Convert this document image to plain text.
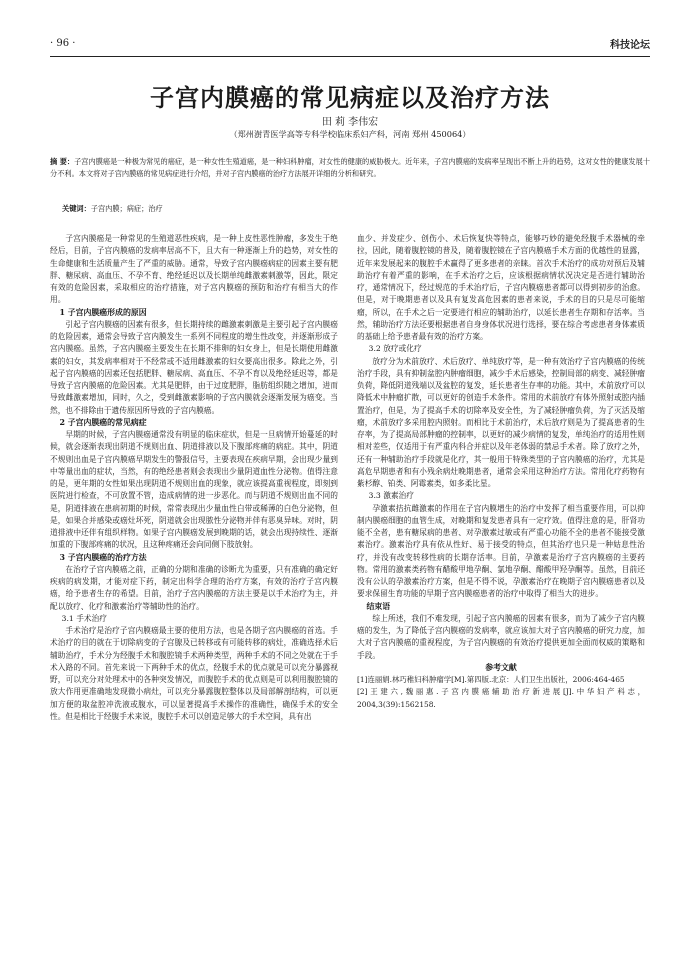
· 96 ·	科技论坛
子宫内膜癌的常见病症以及治疗方法
田 莉 李伟宏
（郑州澍青医学高等专科学校临床系妇产科，河南 郑州 450064）
摘 要：子宫内膜癌是一种极为常见的癌症，是一种女性生殖道癌，是一种妇科肿瘤，对女性的健康的威胁极大。近年来，子宫内膜癌的发病率呈现出不断上升的趋势，这对女性的健康发展十分不利。本文将对子宫内膜癌的常见病症进行介绍，并对子宫内膜癌的治疗方法展开详细的分析和研究。
关键词：子宫内膜；病症；治疗

子宫内膜癌是一种常见的生殖道恶性疾病，是一种上皮性恶性肿瘤，多发生于绝经后，目前，子宫内膜癌的发病率居高不下，且大有一种逐渐上升的趋势，对女性的生命健康和生活质量产生了严重的威胁。通常，导致子宫内膜癌病症的因素主要有肥胖、糖尿病、高血压、不孕不育、绝经延迟以及长期单纯雌激素刺激等，因此，限定有效的危险因素，采取相应的治疗措施，对子宫内膜癌的预防和治疗有相当大的作用。

1 子宫内膜癌形成的原因

引起子宫内膜癌的因素有很多，但长期持续的雌激素刺激是主要引起子宫内膜癌的危险因素，通常会导致子宫内膜发生一系列不同程度的增生性改变，并逐渐形成子宫内膜癌。虽然，子宫内膜癌主要发生在长期不排卵的妇女身上，但是长期使用雌激素的妇女，其发病率相对于不经常或不适用雌激素的妇女要高出很多。除此之外，引起子宫内膜癌的因素还包括肥胖、糖尿病、高血压、不孕不育以及绝经延迟等，都是导致子宫内膜癌的危险因素。尤其是肥胖，由于过度肥胖，脂肪组织随之增加，进而导致雌激素增加，同时，久之，受到雌激素影响的子宫内膜就会逐渐发展为癌变。当然，也不排除由于遗传原因所导致的子宫内膜癌。

2 子宫内膜癌的常见病症

早期的时候，子宫内膜癌通常没有明显的临床症状，但是一旦病情开始蔓延的时候，就会逐渐表现出阴道不规则出血、阴道排液以及下腹部疼痛的病症。其中，阴道不规则出血是子宫内膜癌早期发生的警报信号，主要表现在疾病早期，会出现少量到中等量出血的症状，当然，有的绝经患者则会表现出少量阴道血性分泌物。值得注意的是，更年期的女性如果出现阴道不规则出血的现象，就应该提高重视程度，即刻到医院进行检查，不可放置不管，造成病情的进一步恶化。而与阴道不规则出血不同的是，阴道排液在患病初期的时候，常常表现出少量血性白带或稀薄的白色分泌物，但是，如果合并感染或癌灶坏死，阴道就会出现脓性分泌物并伴有恶臭异味。对时，阴道排液中还伴有组织样物。如果子宫内膜癌发展到晚期的话，就会出现持续性、逐渐加重的下腹部疼痛的状况，且这种疼痛还会向同侧下肢放射。

3 子宫内膜癌的治疗方法

在治疗子宫内膜癌之前，正确的分期和准确的诊断尤为重要，只有准确的确定好疾病的病发期，才能对症下药，制定出科学合理的治疗方案，有效的治疗子宫内膜癌，给予患者生存的希望。目前，治疗子宫内膜癌的方法主要是以手术治疗为主，并配以放疗、化疗和激素治疗等辅助性的治疗。

3.1 手术治疗

手术治疗是治疗子宫内膜癌最主要的使用方法，也是各期子宫内膜癌的首选。手术治疗的目的就在于切除病变的子宫腺及已转移或有可能转移的病灶，准确选择术后辅助治疗，手术分为经腹手术和腹腔镜手术两种类型，两种手术的不同之处就在于手术入路的不同。首先来说一下两种手术的优点，经腹手术的优点就是可以充分暴露视野，可以充分对处理术中的各种突发情况，而腹腔手术的优点则是可以利用腹腔镜的放大作用更准确地发现微小病灶，可以充分暴露腹腔整体以及局部解剖结构，可以更加方便的取盆腔冲洗液或腹水，可以显著提高手术操作的准确性，确保手术的安全性。但是相比于经腹手术来说，腹腔手术可以创造足够大的手术空间，具有出

血少、并发症少、创伤小、术后恢复快等特点，能够巧妙的避免经腹手术器械的牵拉，因此，随着腹腔镜的普及，随着腹腔镜在子宫内膜癌手术方面的优越性的显露，近年来发展起来的腹腔手术赢得了更多患者的亲睐。首次手术治疗的成功对预后及辅助治疗有着严重的影响，在手术治疗之后，应该根据病情状况决定是否进行辅助治疗，通常情况下，经过规范的手术治疗后，子宫内膜癌患者都可以得到初步的治愈。但是，对于晚期患者以及具有复发高危因素的患者来说，手术的目的只是尽可能缩瘤，所以，在手术之后一定要进行相应的辅助治疗，以延长患者生存期和存活率。当然，辅助治疗方法还要根据患者自身身体状况进行选择，要在综合考虑患者身体素质的基础上给予患者最有效的治疗方案。

3.2 放疗或化疗

放疗分为术前放疗、术后放疗、单纯放疗等，是一种有效治疗子宫内膜癌的传统治疗手段，具有抑制盆腔内肿瘤细胞，减少手术后感染，控制局部的病变、减轻肿瘤负荷，降低阴道残端以及盆腔的复发，延长患者生存率的功能。其中，术前放疗可以降低术中肿瘤扩散，可以更好的创造手术条件。常用的术前放疗有体外照射或腔内插置治疗，但是，为了提高手术的切除率及安全性，为了减轻肿瘤负荷，为了灭活及缩瘤，术前放疗多采用腔内照射。而相比于术前治疗，术后放疗则是为了提高患者的生存率，为了提高局部肿瘤的控制率，以更好的减少病情的复发，单纯治疗的适用性则相对差些，仅适用于有严重内科合并症以及年老体弱的禁忌手术者。除了放疗之外，还有一种辅助治疗手段就是化疗，其一般用于特殊类型的子宫内膜癌的治疗，尤其是高危早期患者和有小残余病灶晚期患者，通常会采用这种治疗方法。常用化疗药物有紫杉醇、铂类、阿霉素类，如多柔比星。

3.3 激素治疗

孕激素拮抗雌激素的作用在子宫内膜增生的治疗中发挥了相当重要作用，可以抑制内膜癌细胞的血管生成，对晚期和复发患者具有一定疗效。值得注意的是，肝肾功能不全者，患有糖尿病的患者、对孕激素过敏或有严重心功能不全的患者不能接受激素治疗。激素治疗具有依从性好、易于接受的特点，但其治疗也只是一种姑息性治疗，并没有改变转移性病的长期存活率。目前，孕激素是治疗子宫内膜癌的主要药物。常用的激素类药物有醋酸甲地孕酮、氯地孕酮、醋酸甲羟孕酮等。虽然，目前还没有公认的孕激素治疗方案，但是不得不说，孕激素治疗在晚期子宫内膜癌患者以及要求保留生育功能的早期子宫内膜癌患者的治疗中取得了相当大的进步。

结束语

综上所述，我们不难发现，引起子宫内膜癌的因素有很多，而为了减少子宫内膜癌的发生，为了降低子宫内膜癌的发病率，就应该加大对子宫内膜癌的研究力度，加大对子宫内膜癌的重视程度，为子宫内膜癌的有效治疗提供更加全面而权威的策略和手段。

参考文献

[1]连丽娟.林巧稚妇科肿瘤学[M].第四版.北京：人们卫生出版社，2006:464-465

[2]王建六,魏丽惠.子宫内膜癌辅助治疗新进展[J].中华妇产科志，2004,3(39):1562158.
